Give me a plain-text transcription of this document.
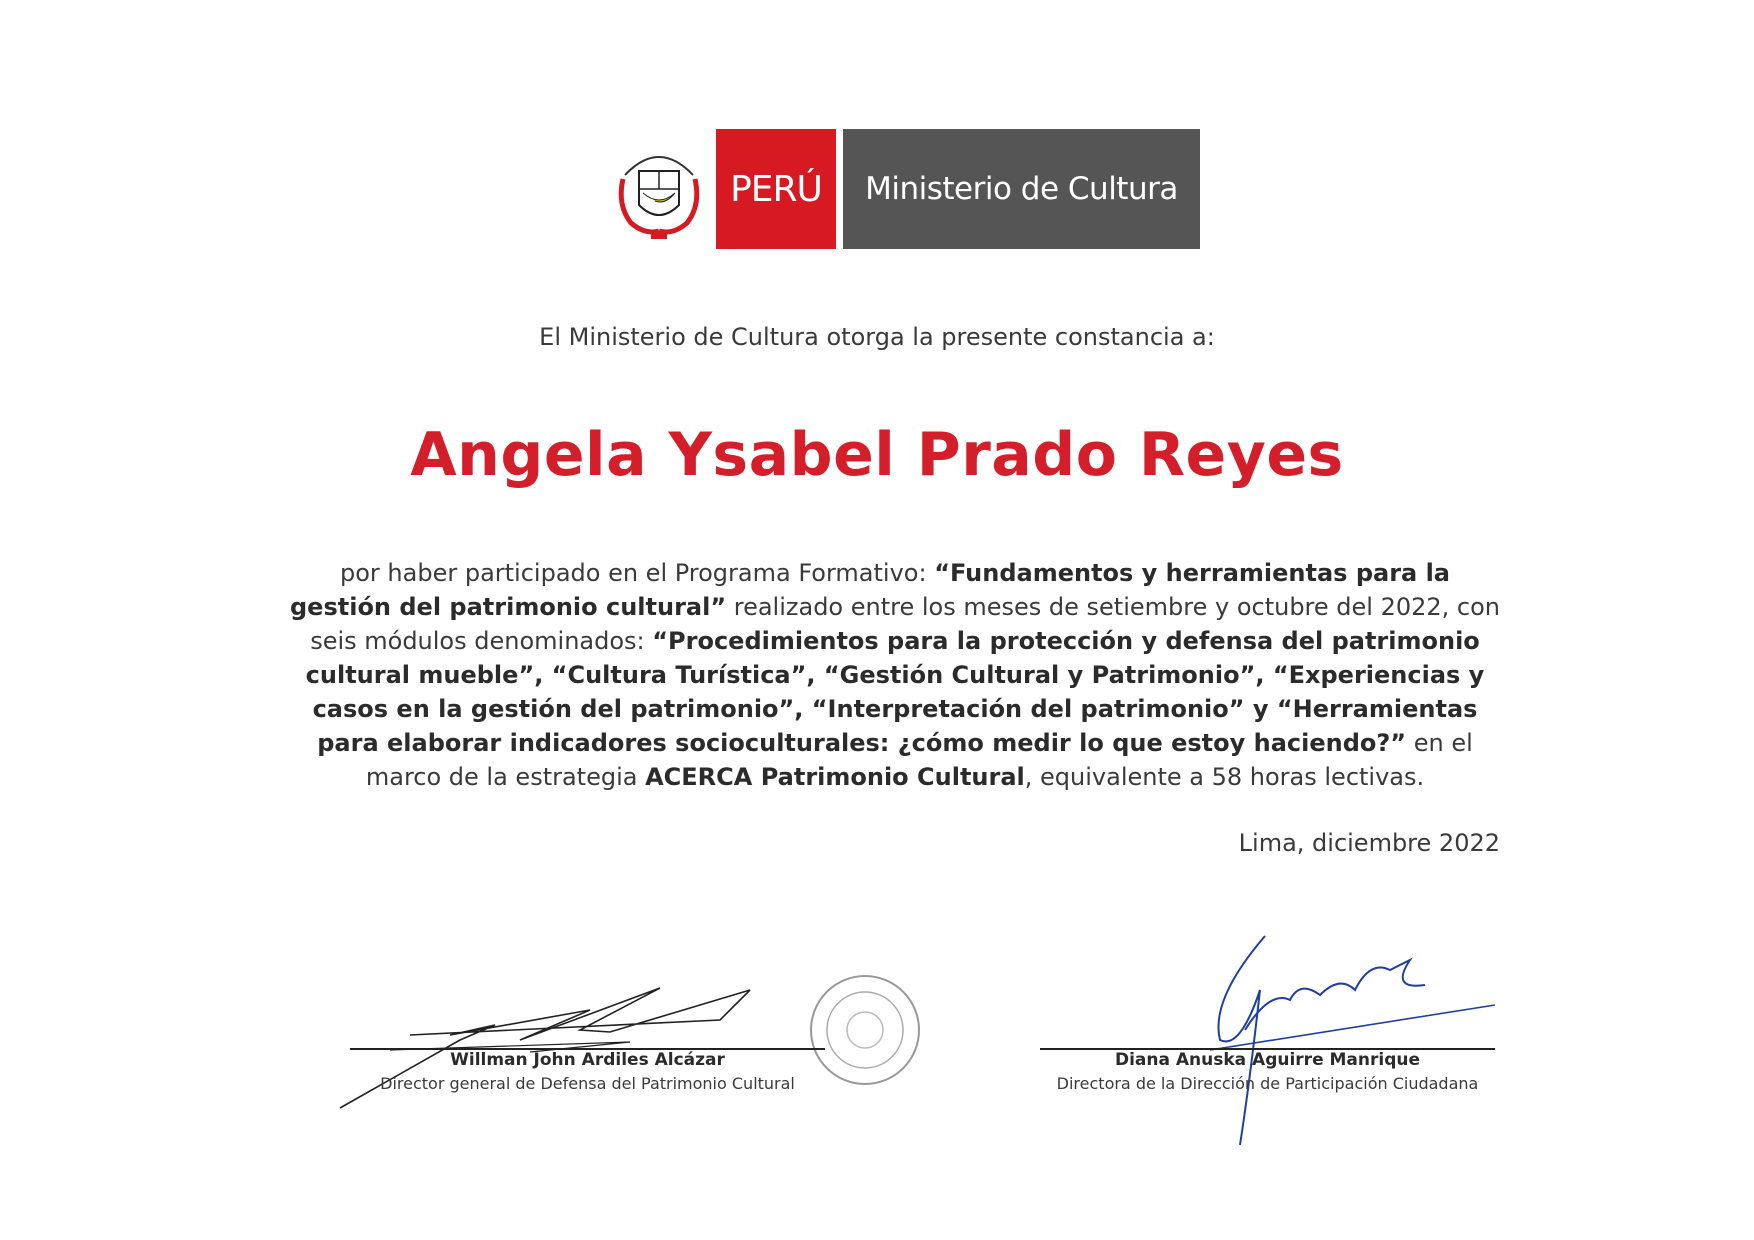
PERÚ	Ministerio de Cultura
El Ministerio de Cultura otorga la presente constancia a:
Angela Ysabel Prado Reyes
por haber participado en el Programa Formativo: “Fundamentos y herramientas para la gestión del patrimonio cultural” realizado entre los meses de setiembre y octubre del 2022, con seis módulos denominados: “Procedimientos para la protección y defensa del patrimonio cultural mueble”, “Cultura Turística”, “Gestión Cultural y Patrimonio”, “Experiencias y casos en la gestión del patrimonio”, “Interpretación del patrimonio” y “Herramientas para elaborar indicadores socioculturales: ¿cómo medir lo que estoy haciendo?” en el marco de la estrategia ACERCA Patrimonio Cultural, equivalente a 58 horas lectivas.
Lima, diciembre 2022
Willman John Ardiles Alcázar
Director general de Defensa del Patrimonio Cultural
Diana Anuska Aguirre Manrique
Directora de la Dirección de Participación Ciudadana
